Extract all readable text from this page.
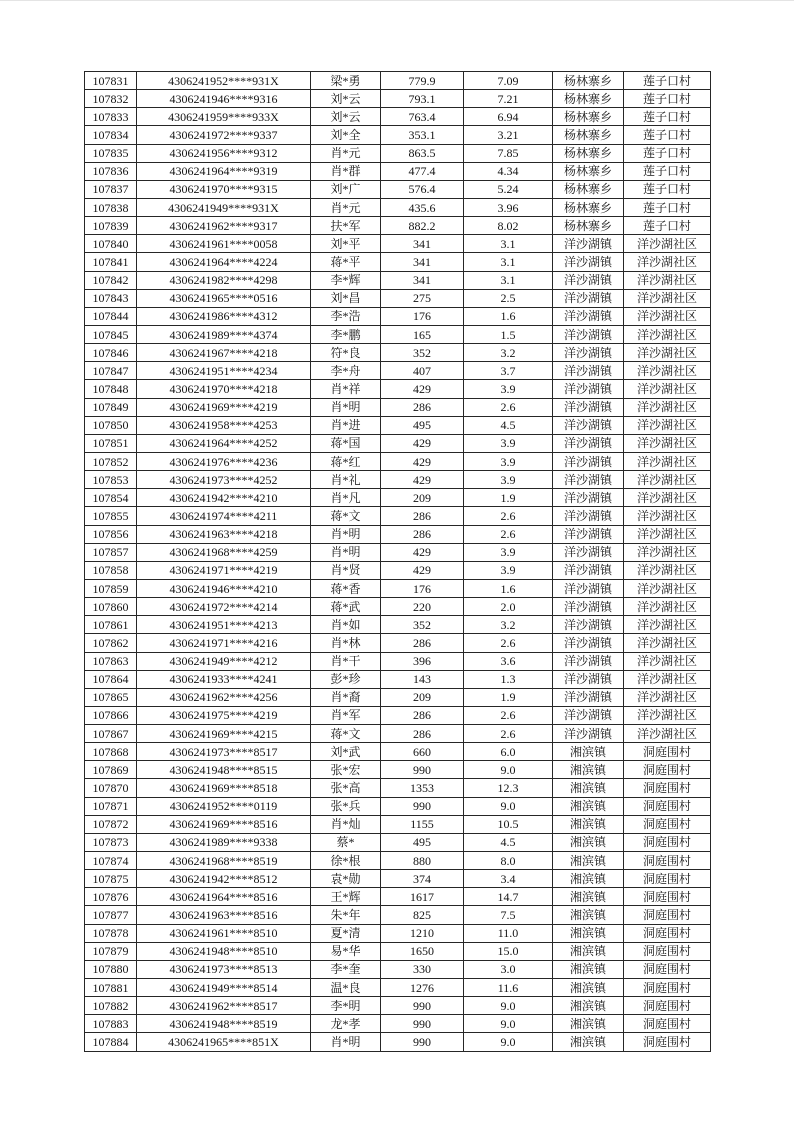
107831	4306241952****931X	梁*勇	779.9	7.09	杨林寨乡	莲子口村
107832	4306241946****9316	刘*云	793.1	7.21	杨林寨乡	莲子口村
107833	4306241959****933X	刘*云	763.4	6.94	杨林寨乡	莲子口村
107834	4306241972****9337	刘*全	353.1	3.21	杨林寨乡	莲子口村
107835	4306241956****9312	肖*元	863.5	7.85	杨林寨乡	莲子口村
107836	4306241964****9319	肖*群	477.4	4.34	杨林寨乡	莲子口村
107837	4306241970****9315	刘*广	576.4	5.24	杨林寨乡	莲子口村
107838	4306241949****931X	肖*元	435.6	3.96	杨林寨乡	莲子口村
107839	4306241962****9317	扶*军	882.2	8.02	杨林寨乡	莲子口村
107840	4306241961****0058	刘*平	341	3.1	洋沙湖镇	洋沙湖社区
107841	4306241964****4224	蒋*平	341	3.1	洋沙湖镇	洋沙湖社区
107842	4306241982****4298	李*辉	341	3.1	洋沙湖镇	洋沙湖社区
107843	4306241965****0516	刘*昌	275	2.5	洋沙湖镇	洋沙湖社区
107844	4306241986****4312	李*浩	176	1.6	洋沙湖镇	洋沙湖社区
107845	4306241989****4374	李*鹏	165	1.5	洋沙湖镇	洋沙湖社区
107846	4306241967****4218	符*良	352	3.2	洋沙湖镇	洋沙湖社区
107847	4306241951****4234	李*舟	407	3.7	洋沙湖镇	洋沙湖社区
107848	4306241970****4218	肖*祥	429	3.9	洋沙湖镇	洋沙湖社区
107849	4306241969****4219	肖*明	286	2.6	洋沙湖镇	洋沙湖社区
107850	4306241958****4253	肖*进	495	4.5	洋沙湖镇	洋沙湖社区
107851	4306241964****4252	蒋*国	429	3.9	洋沙湖镇	洋沙湖社区
107852	4306241976****4236	蒋*红	429	3.9	洋沙湖镇	洋沙湖社区
107853	4306241973****4252	肖*礼	429	3.9	洋沙湖镇	洋沙湖社区
107854	4306241942****4210	肖*凡	209	1.9	洋沙湖镇	洋沙湖社区
107855	4306241974****4211	蒋*文	286	2.6	洋沙湖镇	洋沙湖社区
107856	4306241963****4218	肖*明	286	2.6	洋沙湖镇	洋沙湖社区
107857	4306241968****4259	肖*明	429	3.9	洋沙湖镇	洋沙湖社区
107858	4306241971****4219	肖*贤	429	3.9	洋沙湖镇	洋沙湖社区
107859	4306241946****4210	蒋*香	176	1.6	洋沙湖镇	洋沙湖社区
107860	4306241972****4214	蒋*武	220	2.0	洋沙湖镇	洋沙湖社区
107861	4306241951****4213	肖*如	352	3.2	洋沙湖镇	洋沙湖社区
107862	4306241971****4216	肖*林	286	2.6	洋沙湖镇	洋沙湖社区
107863	4306241949****4212	肖*干	396	3.6	洋沙湖镇	洋沙湖社区
107864	4306241933****4241	彭*珍	143	1.3	洋沙湖镇	洋沙湖社区
107865	4306241962****4256	肖*裔	209	1.9	洋沙湖镇	洋沙湖社区
107866	4306241975****4219	肖*军	286	2.6	洋沙湖镇	洋沙湖社区
107867	4306241969****4215	蒋*文	286	2.6	洋沙湖镇	洋沙湖社区
107868	4306241973****8517	刘*武	660	6.0	湘滨镇	洞庭围村
107869	4306241948****8515	张*宏	990	9.0	湘滨镇	洞庭围村
107870	4306241969****8518	张*高	1353	12.3	湘滨镇	洞庭围村
107871	4306241952****0119	张*兵	990	9.0	湘滨镇	洞庭围村
107872	4306241969****8516	肖*灿	1155	10.5	湘滨镇	洞庭围村
107873	4306241989****9338	蔡*	495	4.5	湘滨镇	洞庭围村
107874	4306241968****8519	徐*根	880	8.0	湘滨镇	洞庭围村
107875	4306241942****8512	袁*勋	374	3.4	湘滨镇	洞庭围村
107876	4306241964****8516	王*辉	1617	14.7	湘滨镇	洞庭围村
107877	4306241963****8516	朱*年	825	7.5	湘滨镇	洞庭围村
107878	4306241961****8510	夏*清	1210	11.0	湘滨镇	洞庭围村
107879	4306241948****8510	易*华	1650	15.0	湘滨镇	洞庭围村
107880	4306241973****8513	李*奎	330	3.0	湘滨镇	洞庭围村
107881	4306241949****8514	温*良	1276	11.6	湘滨镇	洞庭围村
107882	4306241962****8517	李*明	990	9.0	湘滨镇	洞庭围村
107883	4306241948****8519	龙*孝	990	9.0	湘滨镇	洞庭围村
107884	4306241965****851X	肖*明	990	9.0	湘滨镇	洞庭围村
